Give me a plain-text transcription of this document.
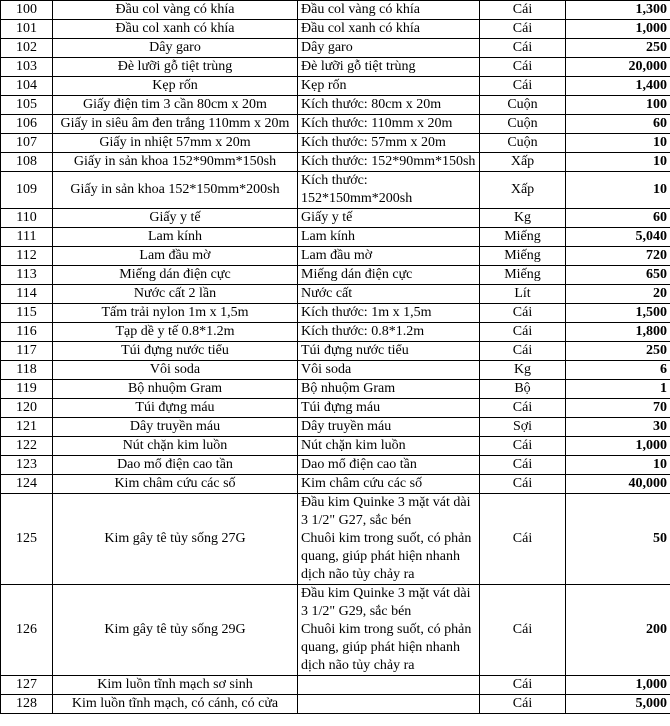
100	Đầu col vàng có khía	Đầu col vàng có khía	Cái	1,300
101	Đầu col xanh có khía	Đầu col xanh có khía	Cái	1,000
102	Dây garo	Dây garo	Cái	250
103	Đè lưỡi gỗ tiệt trùng	Đè lưỡi gỗ tiệt trùng	Cái	20,000
104	Kẹp rốn	Kẹp rốn	Cái	1,400
105	Giấy điện tim 3 cần 80cm x 20m	Kích thước: 80cm x 20m	Cuộn	100
106	Giấy in siêu âm đen trắng 110mm x 20m	Kích thước: 110mm x 20m	Cuộn	60
107	Giấy in nhiệt 57mm x 20m	Kích thước: 57mm x 20m	Cuộn	10
108	Giấy in sản khoa 152*90mm*150sh	Kích thước: 152*90mm*150sh	Xấp	10
109	Giấy in sản khoa 152*150mm*200sh	Kích thước:
152*150mm*200sh	Xấp	10
110	Giấy y tế	Giấy y tế	Kg	60
111	Lam kính	Lam kính	Miếng	5,040
112	Lam đầu mờ	Lam đầu mờ	Miếng	720
113	Miếng dán điện cực	Miếng dán điện cực	Miếng	650
114	Nước cất 2 lần	Nước cất	Lít	20
115	Tấm trải nylon 1m x 1,5m	Kích thước: 1m x 1,5m	Cái	1,500
116	Tạp dề y tế 0.8*1.2m	Kích thước: 0.8*1.2m	Cái	1,800
117	Túi đựng nước tiểu	Túi đựng nước tiểu	Cái	250
118	Vôi soda	Vôi soda	Kg	6
119	Bộ nhuộm Gram	Bộ nhuộm Gram	Bộ	1
120	Túi đựng máu	Túi đựng máu	Cái	70
121	Dây truyền máu	Dây truyền máu	Sợi	30
122	Nút chặn kim luồn	Nút chặn kim luồn	Cái	1,000
123	Dao mổ điện cao tần	Dao mổ điện cao tần	Cái	10
124	Kim châm cứu các số	Kim châm cứu các số	Cái	40,000
125	Kim gây tê tủy sống 27G	Đầu kim Quinke 3 mặt vát dài
3 1/2" G27, sắc bén
Chuôi kim trong suốt, có phản
quang, giúp phát hiện nhanh
dịch não tủy chảy ra	Cái	50
126	Kim gây tê tủy sống 29G	Đầu kim Quinke 3 mặt vát dài
3 1/2" G29, sắc bén
Chuôi kim trong suốt, có phản
quang, giúp phát hiện nhanh
dịch não tủy chảy ra	Cái	200
127	Kim luồn tĩnh mạch sơ sinh		Cái	1,000
128	Kim luồn tĩnh mạch, có cánh, có cửa		Cái	5,000
